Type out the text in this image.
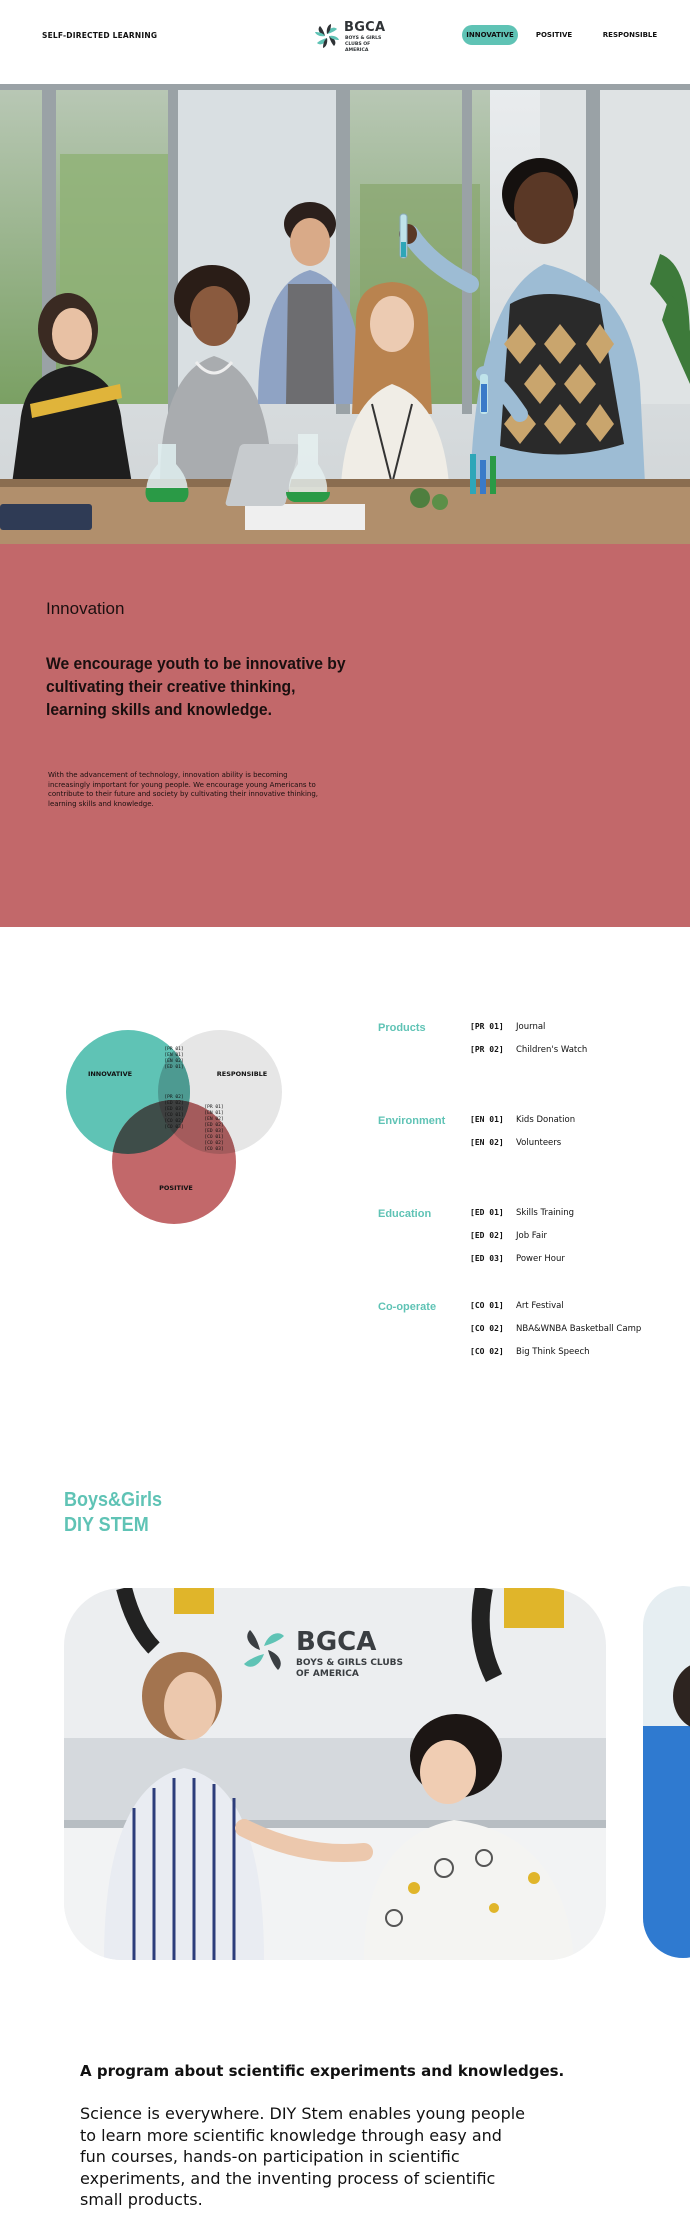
SELF-DIRECTED LEARNING
BGCA
BOYS & GIRLS CLUBS OF AMERICA
INNOVATIVE	POSITIVE	RESPONSIBLE
Innovation
We encourage youth to be innovative by cultivating their creative thinking, learning skills and knowledge.
With the advancement of technology, innovation ability is becoming increasingly important for young people. We encourage young Americans to contribute to their future and society by cultivating their innovative thinking, learning skills and knowledge.
INNOVATIVE	RESPONSIBLE
POSITIVE
[PR 01]
[EN 01]
[EN 02]
[ED 01]
[PR 02]
[ED 02]
[ED 03]
[CO 01]
[CO 02]
[CO 03]
[PR 01]
[EN 01]
[EN 02]
[ED 02]
[ED 03]
[CO 01]
[CO 02]
[CO 03]
Products	[PR 01] Journal
[PR 02] Children's Watch
Environment	[EN 01] Kids Donation
[EN 02] Volunteers
Education	[ED 01] Skills Training
[ED 02] Job Fair
[ED 03] Power Hour
Co-operate	[CO 01] Art Festival
[CO 02] NBA&WNBA Basketball Camp
[CO 02] Big Think Speech
Boys&Girls
DIY STEM
BGCA
BOYS & GIRLS CLUBS OF AMERICA
A program about scientific experiments and knowledges.
Science is everywhere. DIY Stem enables young people to learn more scientific knowledge through easy and fun courses, hands-on participation in scientific experiments, and the inventing process of scientific small products.
